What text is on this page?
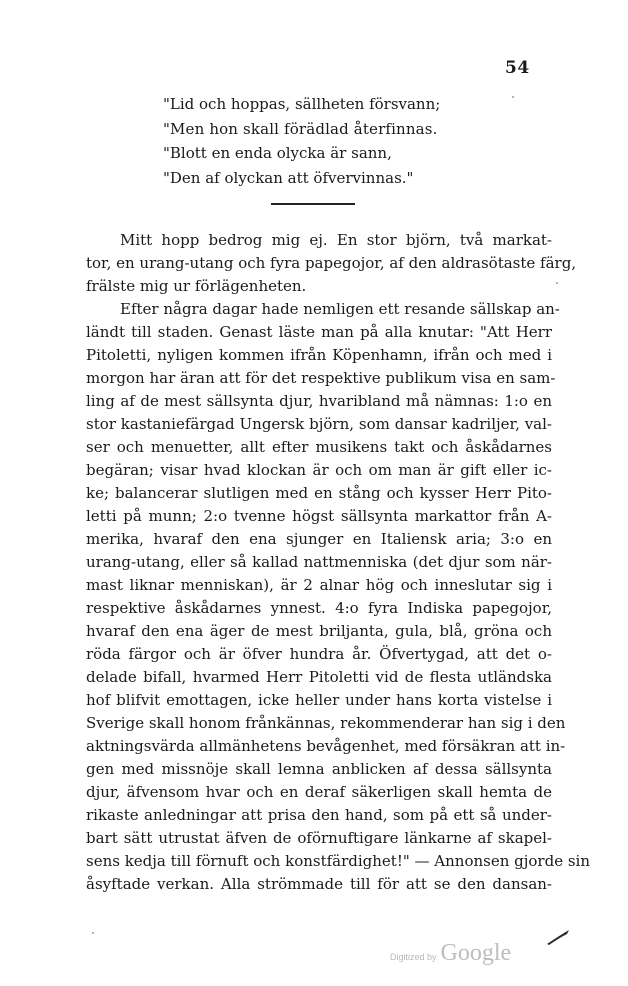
54
"Lid och hoppas, sällheten försvann;
"Men hon skall förädlad återfinnas.
"Blott en enda olycka är sann,
"Den af olyckan att öfvervinnas."
Mitt hopp bedrog mig ej. En stor björn, två markat-
tor, en urang-utang och fyra papegojor, af den aldrasötaste färg,
frälste mig ur förlägenheten.
Efter några dagar hade nemligen ett resande sällskap an-
ländt till staden. Genast läste man på alla knutar: "Att Herr
Pitoletti, nyligen kommen ifrån Köpenhamn, ifrån och med i
morgon har äran att för det respektive publikum visa en sam-
ling af de mest sällsynta djur, hvaribland må nämnas: 1:o en
stor kastaniefärgad Ungersk björn, som dansar kadriljer, val-
ser och menuetter, allt efter musikens takt och åskådarnes
begäran; visar hvad klockan är och om man är gift eller ic-
ke; balancerar slutligen med en stång och kysser Herr Pito-
letti på munn; 2:o tvenne högst sällsynta markattor från A-
merika, hvaraf den ena sjunger en Italiensk aria; 3:o en
urang-utang, eller så kallad nattmenniska (det djur som när-
mast liknar menniskan), är 2 alnar hög och inneslutar sig i
respektive åskådarnes ynnest. 4:o fyra Indiska papegojor,
hvaraf den ena äger de mest briljanta, gula, blå, gröna och
röda färgor och är öfver hundra år. Öfvertygad, att det o-
delade bifall, hvarmed Herr Pitoletti vid de flesta utländska
hof blifvit emottagen, icke heller under hans korta vistelse i
Sverige skall honom frånkännas, rekommenderar han sig i den
aktningsvärda allmänhetens bevågenhet, med försäkran att in-
gen med missnöje skall lemna anblicken af dessa sällsynta
djur, äfvensom hvar och en deraf säkerligen skall hemta de
rikaste anledningar att prisa den hand, som på ett så under-
bart sätt utrustat äfven de oförnuftigare länkarne af skapel-
sens kedja till förnuft och konstfärdighet!" — Annonsen gjorde sin
åsyftade verkan. Alla strömmade till för att se den dansan-
Digitized by Google
